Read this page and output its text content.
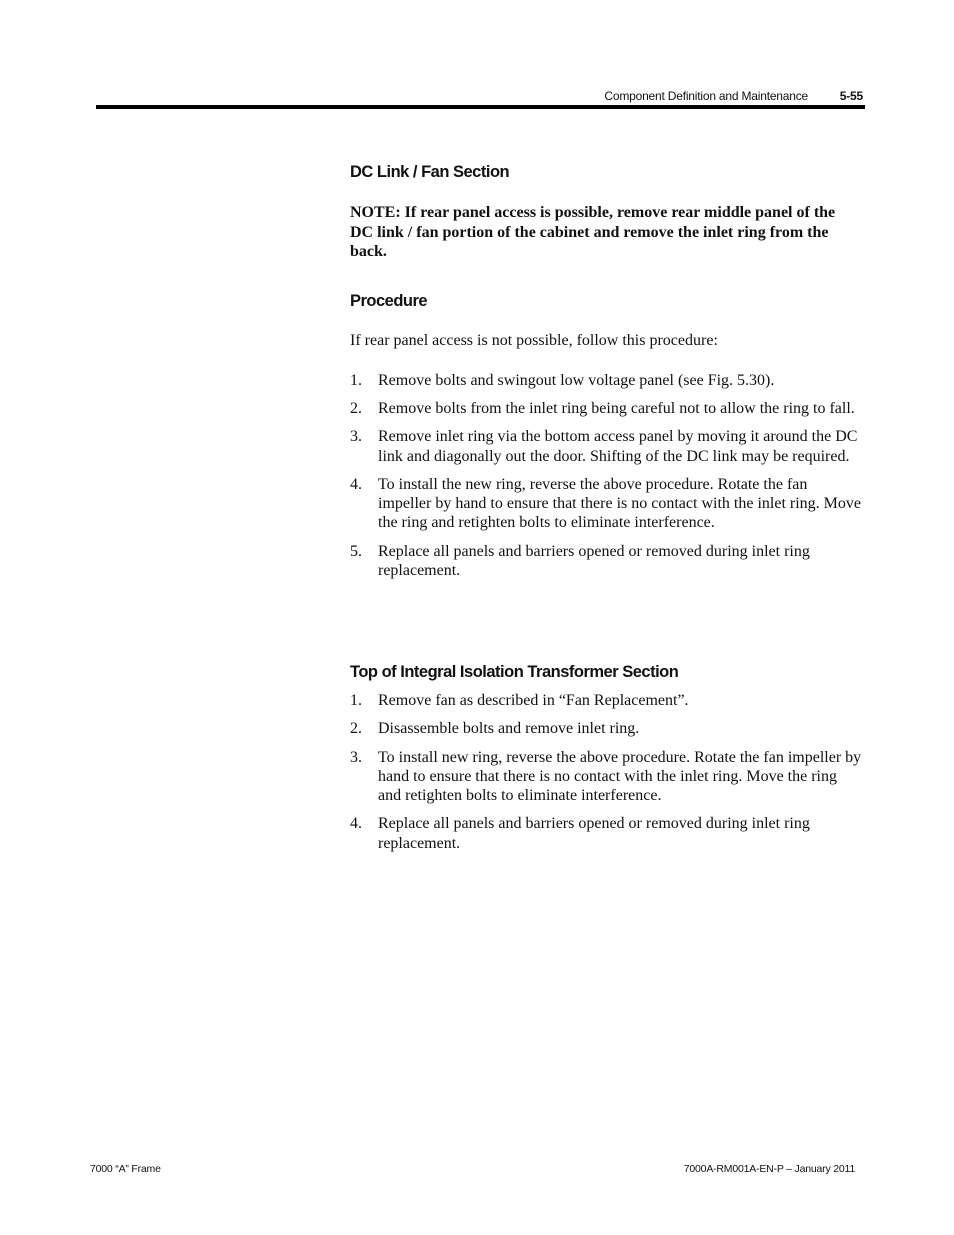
Component Definition and Maintenance	5-55
DC Link / Fan Section

NOTE: If rear panel access is possible, remove rear middle panel of the DC link / fan portion of the cabinet and remove the inlet ring from the back.

Procedure

If rear panel access is not possible, follow this procedure:

1. Remove bolts and swingout low voltage panel (see Fig. 5.30).
2. Remove bolts from the inlet ring being careful not to allow the ring to fall.
3. Remove inlet ring via the bottom access panel by moving it around the DC link and diagonally out the door. Shifting of the DC link may be required.
4. To install the new ring, reverse the above procedure. Rotate the fan impeller by hand to ensure that there is no contact with the inlet ring. Move the ring and retighten bolts to eliminate interference.
5. Replace all panels and barriers opened or removed during inlet ring replacement.
Top of Integral Isolation Transformer Section
1. Remove fan as described in “Fan Replacement”.
2. Disassemble bolts and remove inlet ring.
3. To install new ring, reverse the above procedure. Rotate the fan impeller by hand to ensure that there is no contact with the inlet ring. Move the ring and retighten bolts to eliminate interference.
4. Replace all panels and barriers opened or removed during inlet ring replacement.
7000 “A” Frame	7000A-RM001A-EN-P – January 2011
